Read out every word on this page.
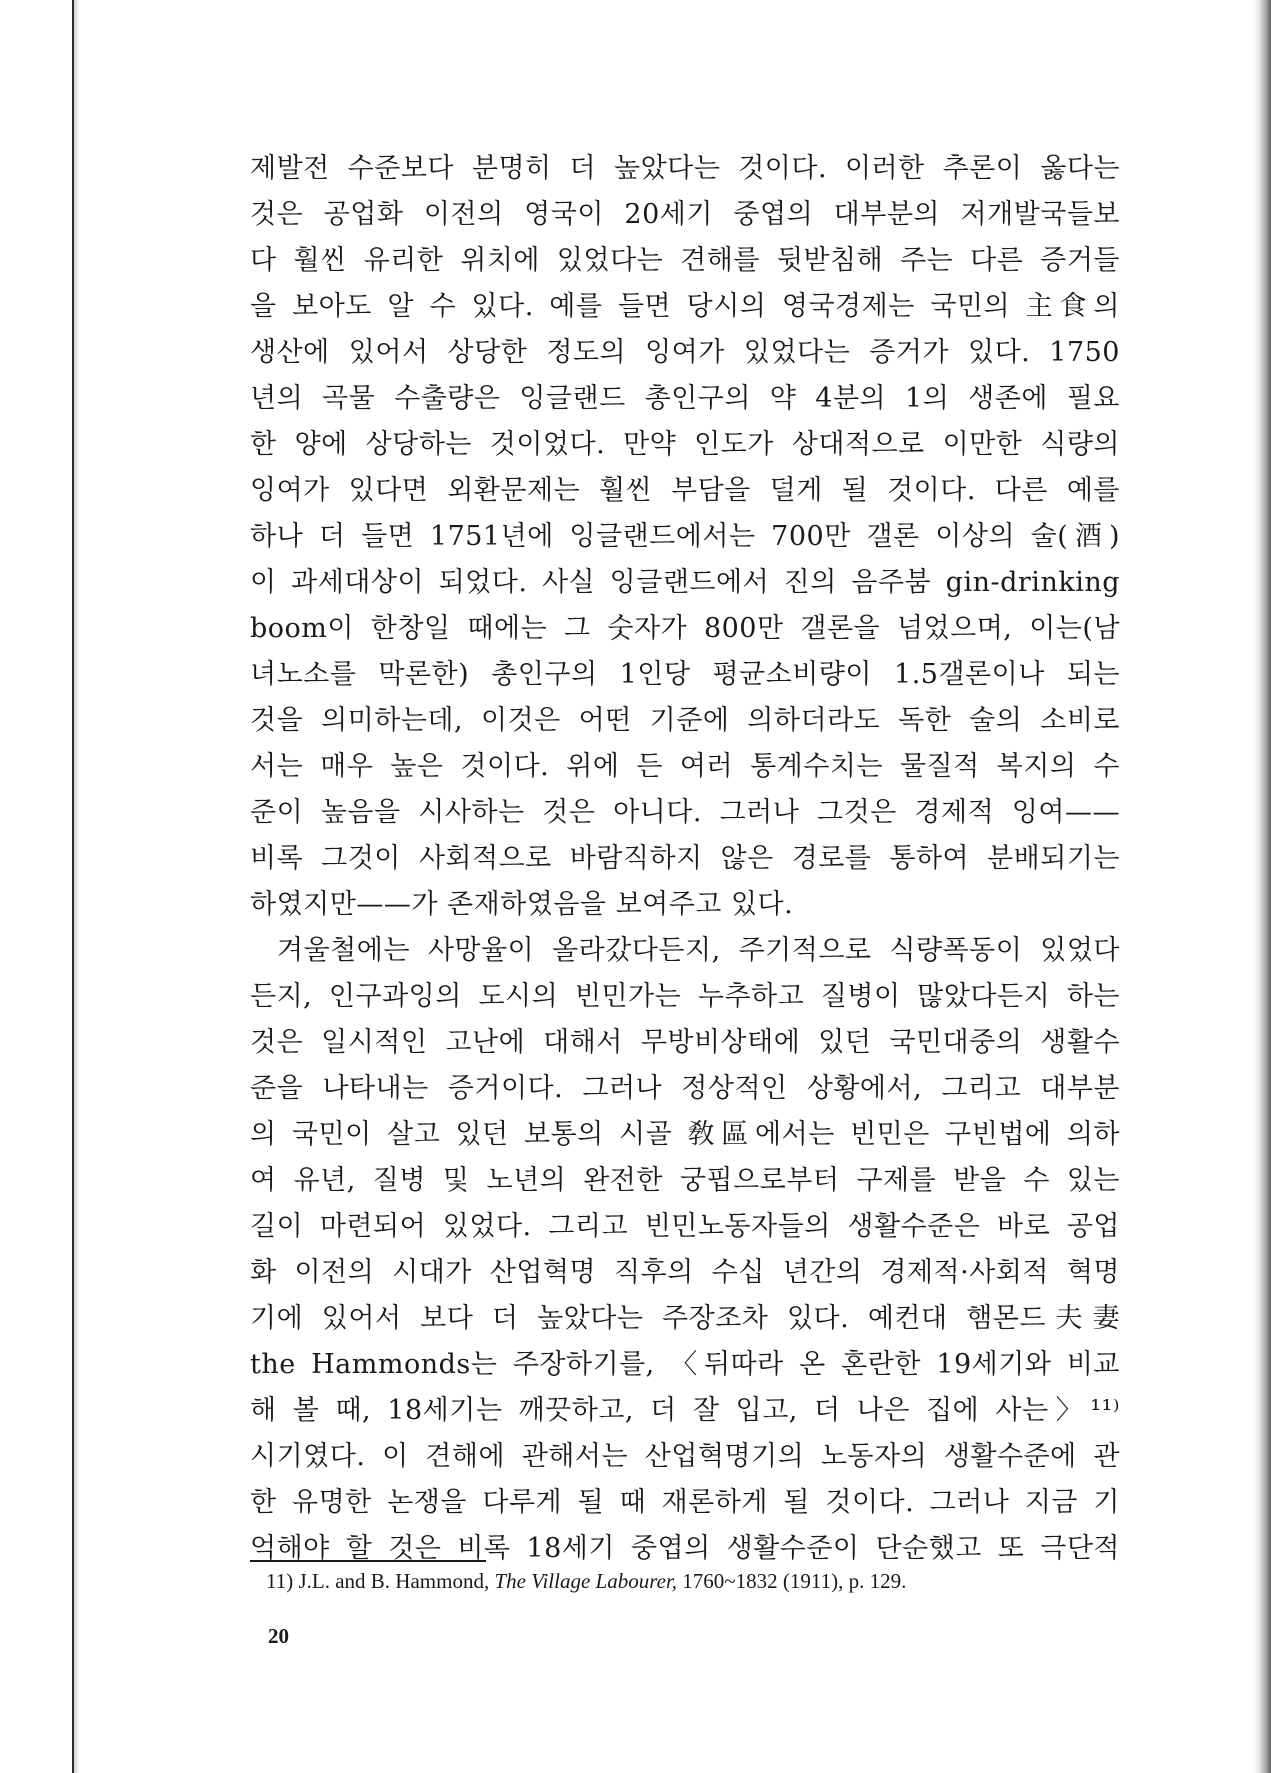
제발전 수준보다 분명히 더 높았다는 것이다. 이러한 추론이 옳다는
것은 공업화 이전의 영국이 20세기 중엽의 대부분의 저개발국들보
다 훨씬 유리한 위치에 있었다는 견해를 뒷받침해 주는 다른 증거들
을 보아도 알 수 있다. 예를 들면 당시의 영국경제는 국민의 主食의
생산에 있어서 상당한 정도의 잉여가 있었다는 증거가 있다. 1750
년의 곡물 수출량은 잉글랜드 총인구의 약 4분의 1의 생존에 필요
한 양에 상당하는 것이었다. 만약 인도가 상대적으로 이만한 식량의
잉여가 있다면 외환문제는 훨씬 부담을 덜게 될 것이다. 다른 예를
하나 더 들면 1751년에 잉글랜드에서는 700만 갤론 이상의 술(酒)
이 과세대상이 되었다. 사실 잉글랜드에서 진의 음주붐 gin-drinking
boom이 한창일 때에는 그 숫자가 800만 갤론을 넘었으며, 이는(남
녀노소를 막론한) 총인구의 1인당 평균소비량이 1.5갤론이나 되는
것을 의미하는데, 이것은 어떤 기준에 의하더라도 독한 술의 소비로
서는 매우 높은 것이다. 위에 든 여러 통계수치는 물질적 복지의 수
준이 높음을 시사하는 것은 아니다. 그러나 그것은 경제적 잉여——
비록 그것이 사회적으로 바람직하지 않은 경로를 통하여 분배되기는
하였지만——가 존재하였음을 보여주고 있다.
겨울철에는 사망율이 올라갔다든지, 주기적으로 식량폭동이 있었다
든지, 인구과잉의 도시의 빈민가는 누추하고 질병이 많았다든지 하는
것은 일시적인 고난에 대해서 무방비상태에 있던 국민대중의 생활수
준을 나타내는 증거이다. 그러나 정상적인 상황에서, 그리고 대부분
의 국민이 살고 있던 보통의 시골 敎區에서는 빈민은 구빈법에 의하
여 유년, 질병 및 노년의 완전한 궁핍으로부터 구제를 받을 수 있는
길이 마련되어 있었다. 그리고 빈민노동자들의 생활수준은 바로 공업
화 이전의 시대가 산업혁명 직후의 수십 년간의 경제적·사회적 혁명
기에 있어서 보다 더 높았다는 주장조차 있다. 예컨대 햄몬드夫妻
the Hammonds는 주장하기를, 〈뒤따라 온 혼란한 19세기와 비교
해 볼 때, 18세기는 깨끗하고, 더 잘 입고, 더 나은 집에 사는〉¹¹⁾
시기였다. 이 견해에 관해서는 산업혁명기의 노동자의 생활수준에 관
한 유명한 논쟁을 다루게 될 때 재론하게 될 것이다. 그러나 지금 기
억해야 할 것은 비록 18세기 중엽의 생활수준이 단순했고 또 극단적
11) J.L. and B. Hammond, The Village Labourer, 1760~1832 (1911), p. 129.
20
